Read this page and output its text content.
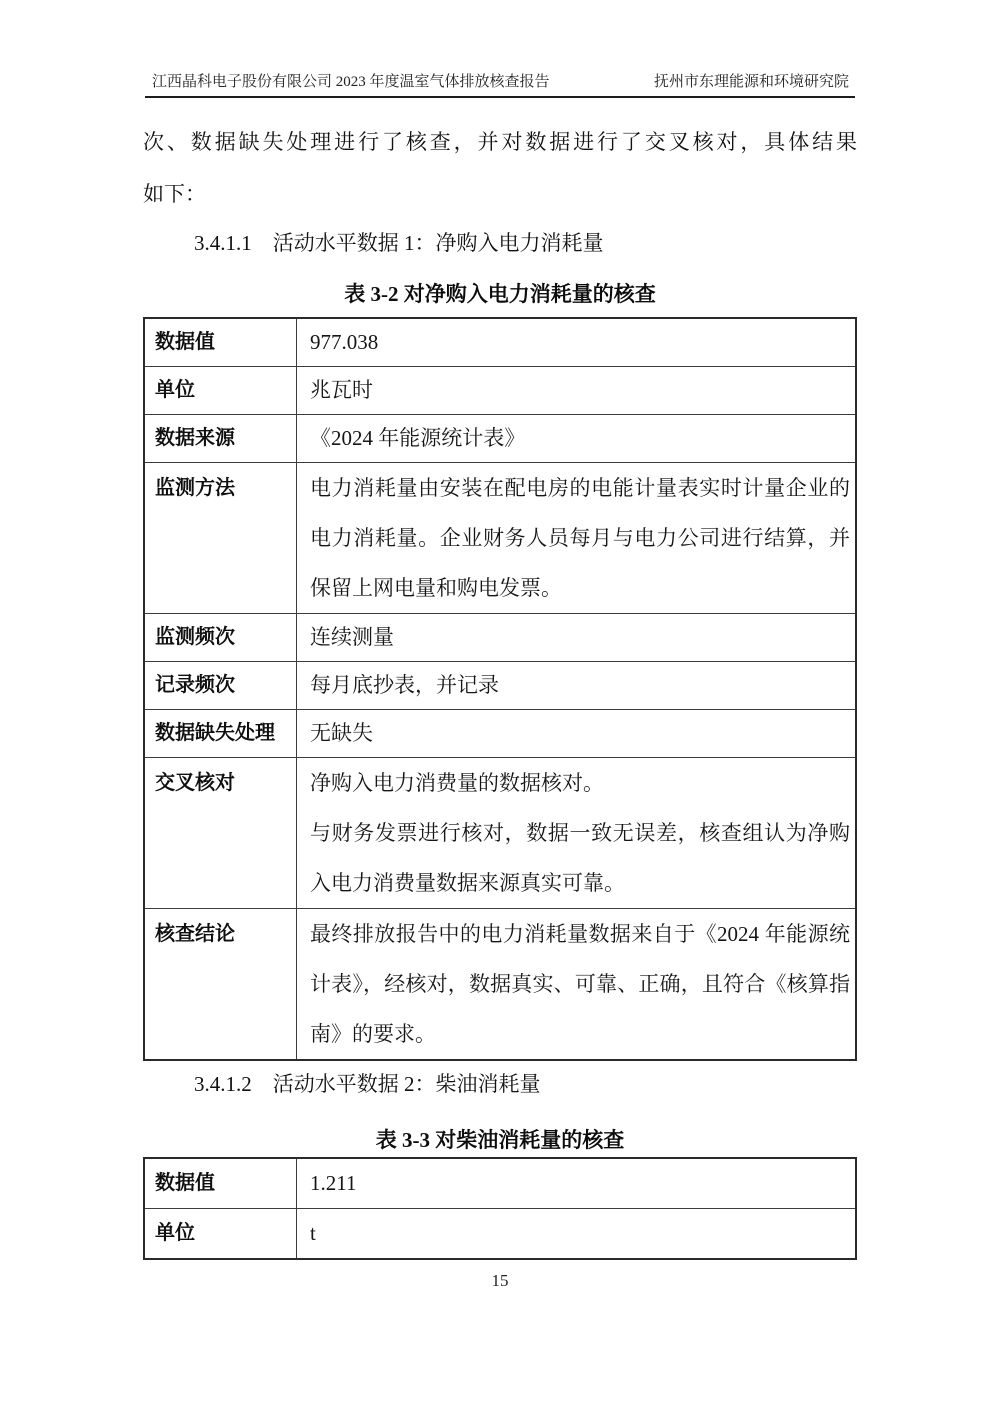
江西晶科电子股份有限公司 2023 年度温室气体排放核查报告	抚州市东理能源和环境研究院
次、数据缺失处理进行了核查，并对数据进行了交叉核对，具体结果
如下：
3.4.1.1 活动水平数据 1：净购入电力消耗量
表 3-2 对净购入电力消耗量的核查
数据值	977.038
单位	兆瓦时
数据来源	《2024 年能源统计表》
监测方法	电力消耗量由安装在配电房的电能计量表实时计量企业的电力消耗量。企业财务人员每月与电力公司进行结算，并保留上网电量和购电发票。
监测频次	连续测量
记录频次	每月底抄表，并记录
数据缺失处理	无缺失
交叉核对	净购入电力消费量的数据核对。
与财务发票进行核对，数据一致无误差，核查组认为净购入电力消费量数据来源真实可靠。
核查结论	最终排放报告中的电力消耗量数据来自于《2024 年能源统计表》，经核对，数据真实、可靠、正确，且符合《核算指南》的要求。
3.4.1.2 活动水平数据 2：柴油消耗量
表 3-3 对柴油消耗量的核查
数据值	1.211
单位	t
15
